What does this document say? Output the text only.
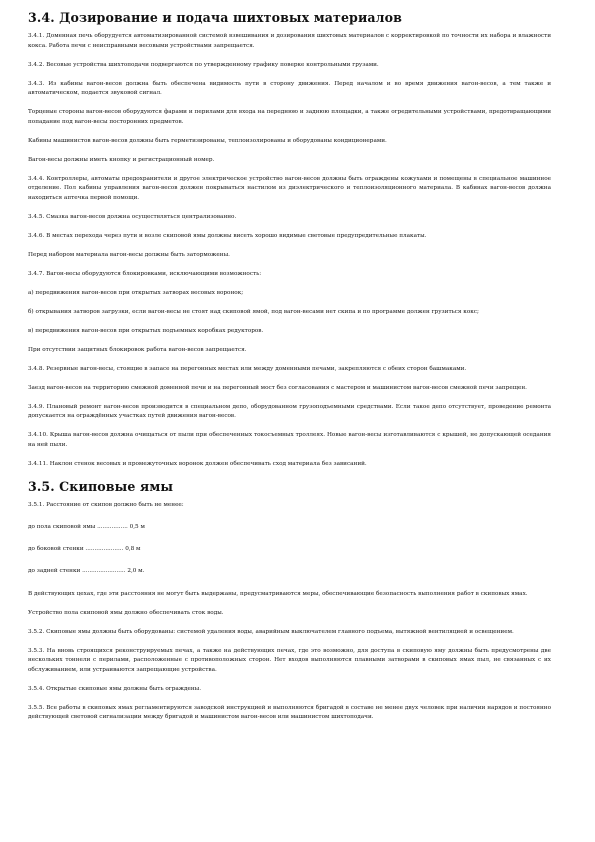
3.4. Дозирование и подача шихтовых материалов

3.4.1. Доменная печь оборудуется автоматизированной системой взвешивания и дозирования шихтовых материалов с корректировкой по точности их набора и влажности кокса. Работа печи с неисправными весовыми устройствами запрещается.

3.4.2. Весовые устройства шихтоподачи подвергаются по утвержденному графику поверке контрольными грузами.

3.4.3. Из кабины вагон-весов должна быть обеспечена видимость пути в сторону движения. Перед началом и во время движения вагон-весов, а тем также и автоматическом, подается звуковой сигнал.

Торцевые стороны вагон-весов оборудуются фарами и перилами для входа на переднюю и заднюю площадки, а также огредительными устройствами, предотвращающими попадание под вагон-весы посторонних предметов.

Кабины машинистов вагон-весов должны быть герметизированы, теплоизолированы и оборудованы кондиционерами.

Вагон-весы должны иметь кнопку и регистрационный номер.

3.4.4. Контроллеры, автоматы предохранители и другое электрическое устройство вагон-весов должны быть ограждены кожухами и помещены в специальное машинное отделение. Пол кабины управления вагон-весов должен покрываться настилом из диэлектрического и теплоизоляционного материала. В кабинах вагон-весов должна находиться аптечка первой помощи.

3.4.5. Смазка вагон-весов должна осуществляться централизованно.

3.4.6. В местах перехода через пути и возле скиповой ямы должны висеть хорошо видимые световые предупредительные плакаты.

Перед набором материала вагон-весы должны быть заторможены.

3.4.7. Вагон-весы оборудуются блокировками, исключающими возможность:

а) передвижения вагон-весов при открытых затворах весовых воронок;

б) открывания затворов загрузки, если вагон-весы не стоят над скиповой ямой, под вагон-весами нет скипа и по программе должен грузиться кокс;

в) передвижения вагон-весов при открытых подъемных коробках редукторов.

При отсутствии защитных блокировок работа вагон-весов запрещается.

3.4.8. Резервные вагон-весы, стоящие в запасе на перегонных местах или между доменными печами, закрепляются с обеих сторон башмаками.

Заезд вагон-весов на территорию смежной доменной печи и на перегонный мост без согласования с мастером и машинистом вагон-весов смежной печи запрещен.

3.4.9. Плановый ремонт вагон-весов производится в специальном депо, оборудованном грузоподъемными средствами. Если такое депо отсутствует, проведение ремонта допускается на ограждённых участках путей движения вагон-весов.

3.4.10. Крыша вагон-весов должна очищаться от пыли при обеспеченных токосъемных троллеях. Новые вагон-весы изготавливаются с крышей, не допускающей оседания на ней пыли.

3.4.11. Наклон стенок весовых и промежуточных воронок должен обеспечивать сход материала без зависаний.

3.5. Скиповые ямы

3.5.1. Расстояние от скипов должно быть не менее:

до пола скиповой ямы ................. 0,5 м

до боковой стенки ..................... 0,8 м

до задней стенки ........................ 2,0 м.

В действующих цехах, где эти расстояния не могут быть выдержаны, предусматриваются меры, обеспечивающие безопасность выполнения работ в скиповых ямах.

Устройство пола скиповой ямы должно обеспечивать сток воды.

3.5.2. Скиповые ямы должны быть оборудованы: системой удаления воды, аварийным выключателем главного подъема, вытяжной вентиляцией и освещением.

3.5.3. На вновь строящихся реконструируемых печах, а также на действующих печах, где это возможно, для доступа в скиповую яму должны быть предусмотрены две нескольких тоннели с перилами, расположенные с противоположных сторон. Нет входов выполняются плавными затворами в скиповых ямах пыл, не связанных с их обслуживанием, или устраиваются запрещающие устройства.

3.5.4. Открытые скиповые ямы должны быть ограждены.

3.5.5. Все работы в скиповых ямах регламентируются заводской инструкцией и выполняются бригадой в составе не менее двух человек при наличии нарядов и постоянно действующей световой сигнализации между бригадой и машинистом вагон-весов или машинистом шихтоподачи.
